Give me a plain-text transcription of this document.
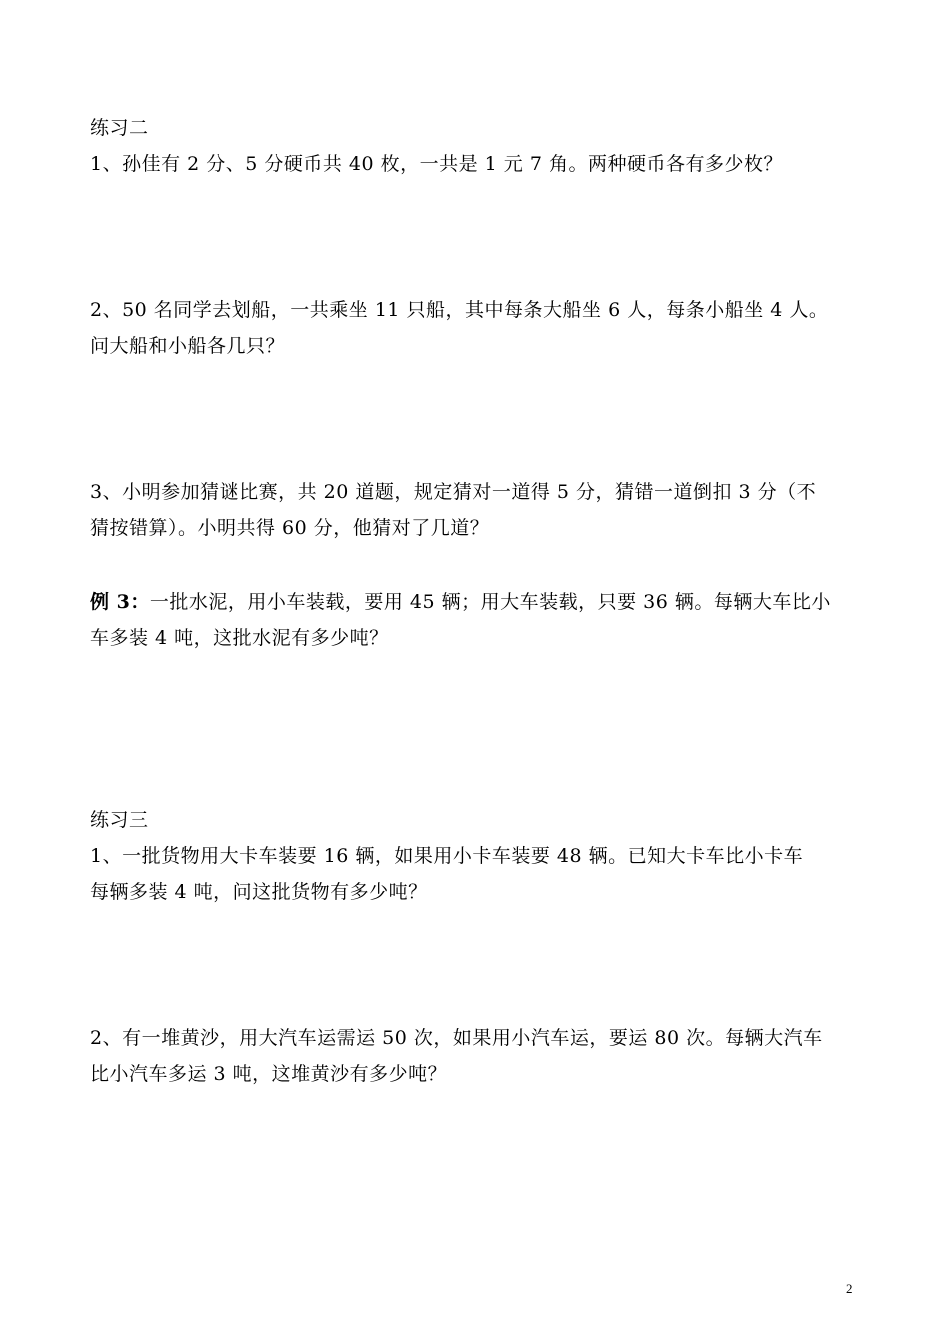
练习二
1、孙佳有 2 分、5 分硬币共 40 枚，一共是 1 元 7 角。两种硬币各有多少枚？
2、50 名同学去划船，一共乘坐 11 只船，其中每条大船坐 6 人，每条小船坐 4 人。
问大船和小船各几只？
3、小明参加猜谜比赛，共 20 道题，规定猜对一道得 5 分，猜错一道倒扣 3 分（不
猜按错算）。小明共得 60 分，他猜对了几道？
例 3：一批水泥，用小车装载，要用 45 辆；用大车装载，只要 36 辆。每辆大车比小
车多装 4 吨，这批水泥有多少吨？
练习三
1、一批货物用大卡车装要 16 辆，如果用小卡车装要 48 辆。已知大卡车比小卡车
每辆多装 4 吨，问这批货物有多少吨？
2、有一堆黄沙，用大汽车运需运 50 次，如果用小汽车运，要运 80 次。每辆大汽车
比小汽车多运 3 吨，这堆黄沙有多少吨？
2
